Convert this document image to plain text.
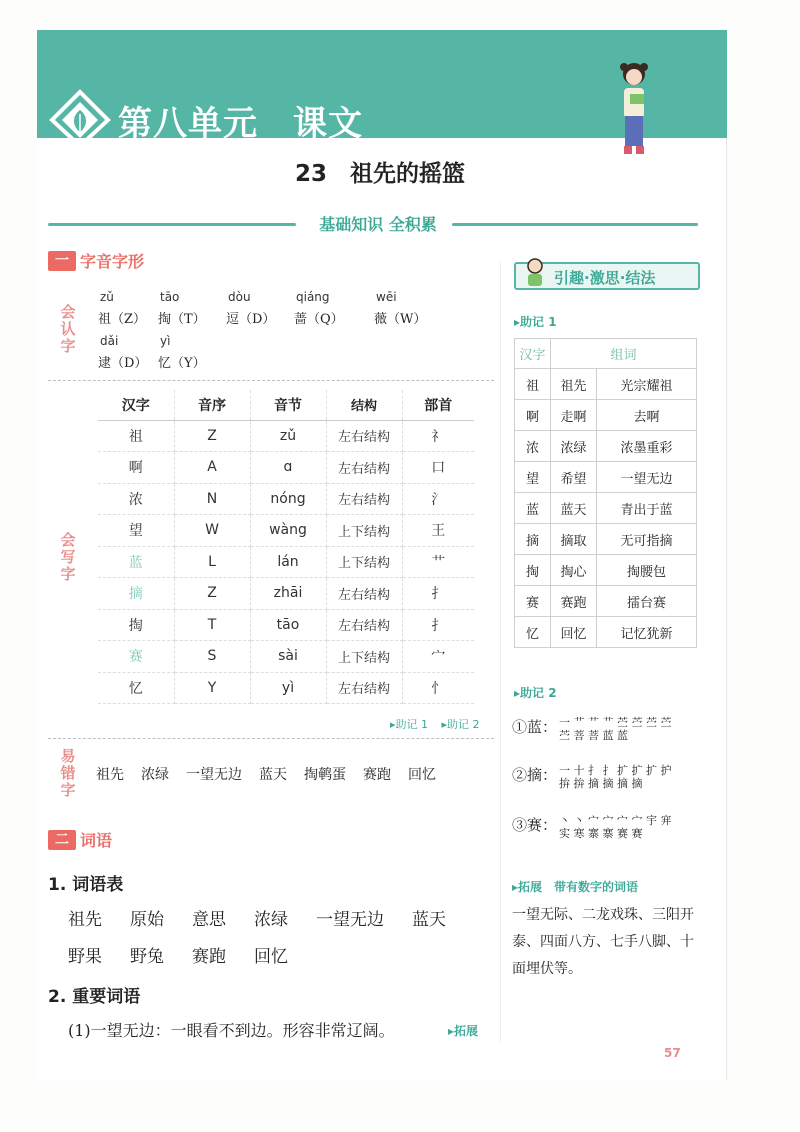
第八单元　课文
23　祖先的摇篮
基础知识 全积累
一 字音字形
会
认
字
zǔ
祖（Z）
tāo
掏（T）
dòu
逗（D）
qiáng
蔷（Q）
wēi
薇（W）
dǎi
逮（D）
yì
忆（Y）
会
写
字
汉字	音序	音节	结构	部首
祖	Z	zǔ	左右结构	礻
啊	A	ɑ	左右结构	口
浓	N	nóng	左右结构	氵
望	W	wàng	上下结构	王
蓝	L	lán	上下结构	艹
摘	Z	zhāi	左右结构	扌
掏	T	tāo	左右结构	扌
赛	S	sài	上下结构	宀
忆	Y	yì	左右结构	忄
▸助记 1 ▸助记 2
易
错
字
祖先 浓绿 一望无边 蓝天 掏鹌蛋 赛跑 回忆
二 词语
1. 词语表
祖先 原始 意思 浓绿 一望无边 蓝天
野果 野兔 赛跑 回忆
2. 重要词语
(1)一望无边：一眼看不到边。形容非常辽阔。	▸拓展
引趣·激思·结法
▸助记 1
汉字	组词	
祖	祖先	光宗耀祖
啊	走啊	去啊
浓	浓绿	浓墨重彩
望	希望	一望无边
蓝	蓝天	青出于蓝
摘	摘取	无可指摘
掏	掏心	掏腰包
赛	赛跑	擂台赛
忆	回忆	记忆犹新
▸助记 2
①蓝： 一 艹 艹 艹 苎 苎 苎 苎 苎 菩 菩 蓝 蓝
②摘： 一 十 扌 扌 扩 扩 扩 护 拚 拚 摘 摘 摘 摘
③赛： 丶 丶 宀 宀 宀 宀 宇 宑 实 寒 寨 寨 赛 赛
▸拓展　带有数字的词语
一望无际、二龙戏珠、三阳开泰、四面八方、七手八脚、十面埋伏等。
57
